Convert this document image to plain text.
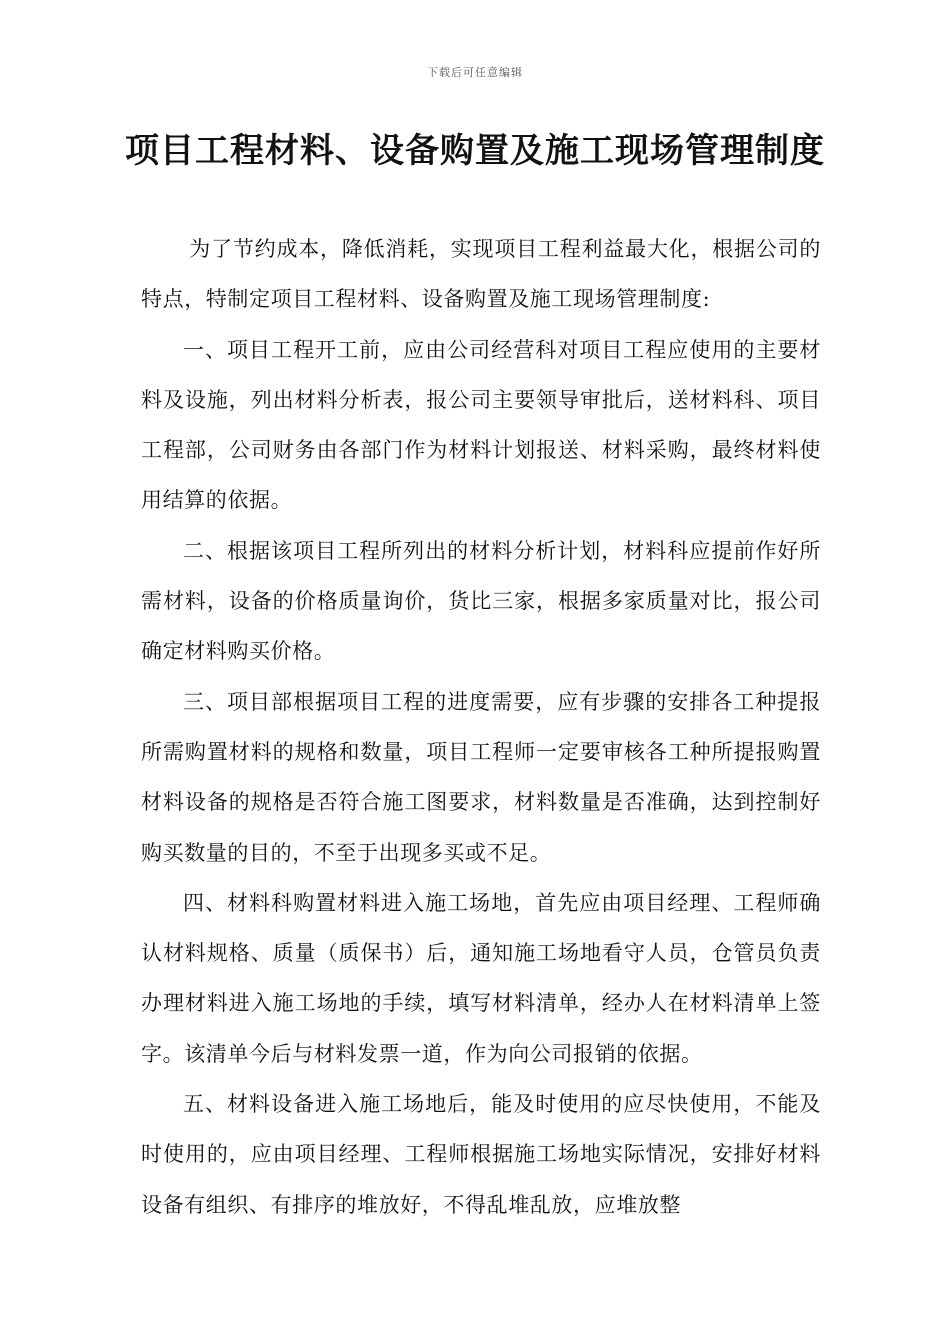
下载后可任意编辑
项目工程材料、设备购置及施工现场管理制度

为了节约成本，降低消耗，实现项目工程利益最大化，根据公司的特点，特制定项目工程材料、设备购置及施工现场管理制度:

一、项目工程开工前，应由公司经营科对项目工程应使用的主要材料及设施，列出材料分析表，报公司主要领导审批后，送材料科、项目工程部，公司财务由各部门作为材料计划报送、材料采购，最终材料使用结算的依据。

二、根据该项目工程所列出的材料分析计划，材料科应提前作好所需材料，设备的价格质量询价，货比三家，根据多家质量对比，报公司确定材料购买价格。

三、项目部根据项目工程的进度需要，应有步骤的安排各工种提报所需购置材料的规格和数量，项目工程师一定要审核各工种所提报购置材料设备的规格是否符合施工图要求，材料数量是否准确，达到控制好购买数量的目的，不至于出现多买或不足。

四、材料科购置材料进入施工场地，首先应由项目经理、工程师确认材料规格、质量（质保书）后，通知施工场地看守人员，仓管员负责办理材料进入施工场地的手续，填写材料清单，经办人在材料清单上签字。该清单今后与材料发票一道，作为向公司报销的依据。

五、材料设备进入施工场地后，能及时使用的应尽快使用，不能及时使用的，应由项目经理、工程师根据施工场地实际情况，安排好材料设备有组织、有排序的堆放好，不得乱堆乱放，应堆放整
